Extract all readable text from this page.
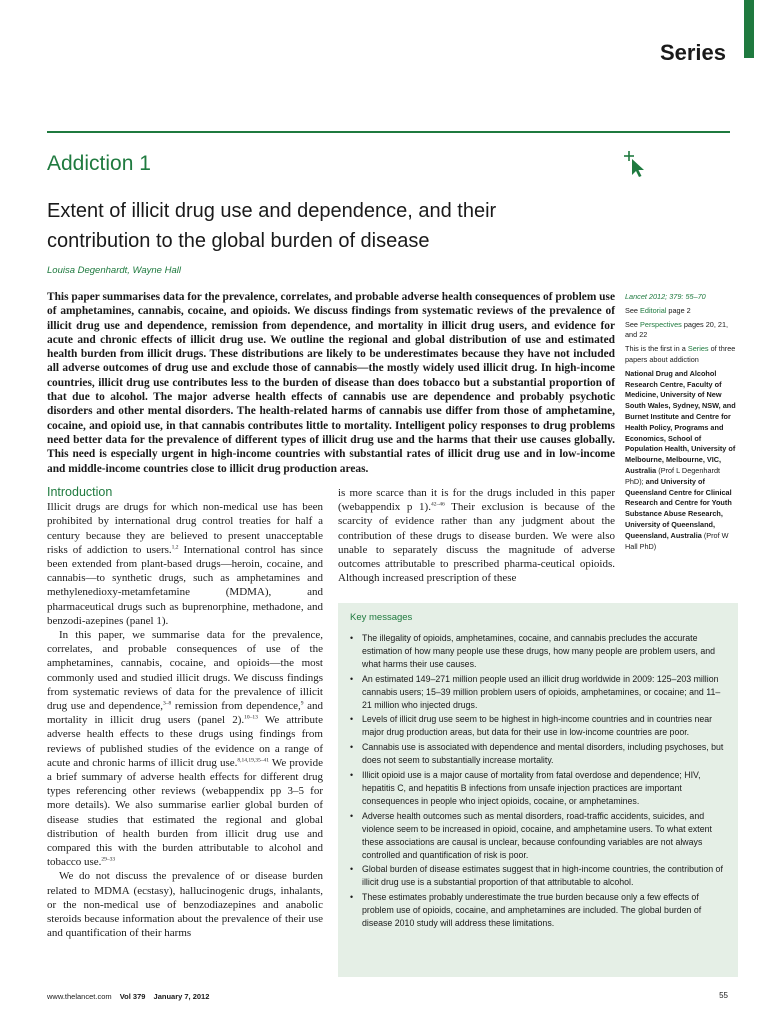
Series
Addiction 1
Extent of illicit drug use and dependence, and their contribution to the global burden of disease
Louisa Degenhardt, Wayne Hall

This paper summarises data for the prevalence, correlates, and probable adverse health consequences of problem use of amphetamines, cannabis, cocaine, and opioids. We discuss findings from systematic reviews of the prevalence of illicit drug use and dependence, remission from dependence, and mortality in illicit drug users, and evidence for acute and chronic effects of illicit drug use. We outline the regional and global distribution of use and estimated health burden from illicit drugs. These distributions are likely to be underestimates because they have not included all adverse outcomes of drug use and exclude those of cannabis—the mostly widely used illicit drug. In high-income countries, illicit drug use contributes less to the burden of disease than does tobacco but a substantial proportion of that due to alcohol. The major adverse health effects of cannabis use are dependence and probably psychotic disorders and other mental disorders. The health-related harms of cannabis use differ from those of amphetamine, cocaine, and opioid use, in that cannabis contributes little to mortality. Intelligent policy responses to drug problems need better data for the prevalence of different types of illicit drug use and the harms that their use causes globally. This need is especially urgent in high-income countries with substantial rates of illicit drug use and in low-income and middle-income countries close to illicit drug production areas.

Lancet 2012; 379: 55–70

See Editorial page 2

See Perspectives pages 20, 21, and 22

This is the first in a Series of three papers about addiction

National Drug and Alcohol Research Centre, Faculty of Medicine, University of New South Wales, Sydney, NSW, and Burnet Institute and Centre for Health Policy, Programs and Economics, School of Population Health, University of Melbourne, Melbourne, VIC, Australia (Prof L Degenhardt PhD); and University of Queensland Centre for Clinical Research and Centre for Youth Substance Abuse Research, University of Queensland, Queensland, Australia (Prof W Hall PhD)

Introduction

Illicit drugs are drugs for which non-medical use has been prohibited by international drug control treaties for half a century because they are believed to present unacceptable risks of addiction to users.$^{1,2}$ International control has since been extended from plant-based drugs—heroin, cocaine, and cannabis—to synthetic drugs, such as amphetamines and methylenedioxy-metamfetamine (MDMA), and pharmaceutical drugs such as buprenorphine, methadone, and benzodi-azepines (panel 1).

In this paper, we summarise data for the prevalence, correlates, and probable consequences of use of the amphetamines, cannabis, cocaine, and opioids—the most commonly used and studied illicit drugs. We discuss findings from systematic reviews of data for the prevalence of illicit drug use and dependence,$^{3-8}$ remission from dependence,$^9$ and mortality in illicit drug users (panel 2).$^{10-13}$ We attribute adverse health effects to these drugs using findings from reviews of published studies of the evidence on a range of acute and chronic harms of illicit drug use.$^{8,14,19,35-41}$ We provide a brief summary of adverse health effects for different drug types referencing other reviews (webappendix pp 3–5 for more details). We also summarise earlier global burden of disease studies that estimated the regional and global distribution of health burden from illicit drug use and compared this with the burden attributable to alcohol and tobacco use.$^{29-33}$

We do not discuss the prevalence of or disease burden related to MDMA (ecstasy), hallucinogenic drugs, inhalants, or the non-medical use of benzodiazepines and anabolic steroids because information about the prevalence of their use and quantification of their harms

is more scarce than it is for the drugs included in this paper (webappendix p 1).$^{42-46}$ Their exclusion is because of the scarcity of evidence rather than any judgment about the contribution of these drugs to disease burden. We were also unable to separately discuss the magnitude of adverse outcomes attributable to prescribed pharma-ceutical opioids. Although increased prescription of these

Key messages
• The illegality of opioids, amphetamines, cocaine, and cannabis precludes the accurate estimation of how many people use these drugs, how many people are problem users, and what harms their use causes.
• An estimated 149–271 million people used an illicit drug worldwide in 2009: 125–203 million cannabis users; 15–39 million problem users of opioids, amphetamines, or cocaine; and 11–21 million who injected drugs.
• Levels of illicit drug use seem to be highest in high-income countries and in countries near major drug production areas, but data for their use in low-income countries are poor.
• Cannabis use is associated with dependence and mental disorders, including psychoses, but does not seem to substantially increase mortality.
• Illicit opioid use is a major cause of mortality from fatal overdose and dependence; HIV, hepatitis C, and hepatitis B infections from unsafe injection practices are important consequences in people who inject opioids, cocaine, or amphetamines.
• Adverse health outcomes such as mental disorders, road-traffic accidents, suicides, and violence seem to be increased in opioid, cocaine, and amphetamine users. To what extent these associations are causal is unclear, because confounding variables are not always controlled and quantification of risk is poor.
• Global burden of disease estimates suggest that in high-income countries, the contribution of illicit drug use is a substantial proportion of that attributable to alcohol.
• These estimates probably underestimate the true burden because only a few effects of problem use of opioids, cocaine, and amphetamines are included. The global burden of disease 2010 study will address these limitations.
www.thelancet.com Vol 379 January 7, 2012	55
